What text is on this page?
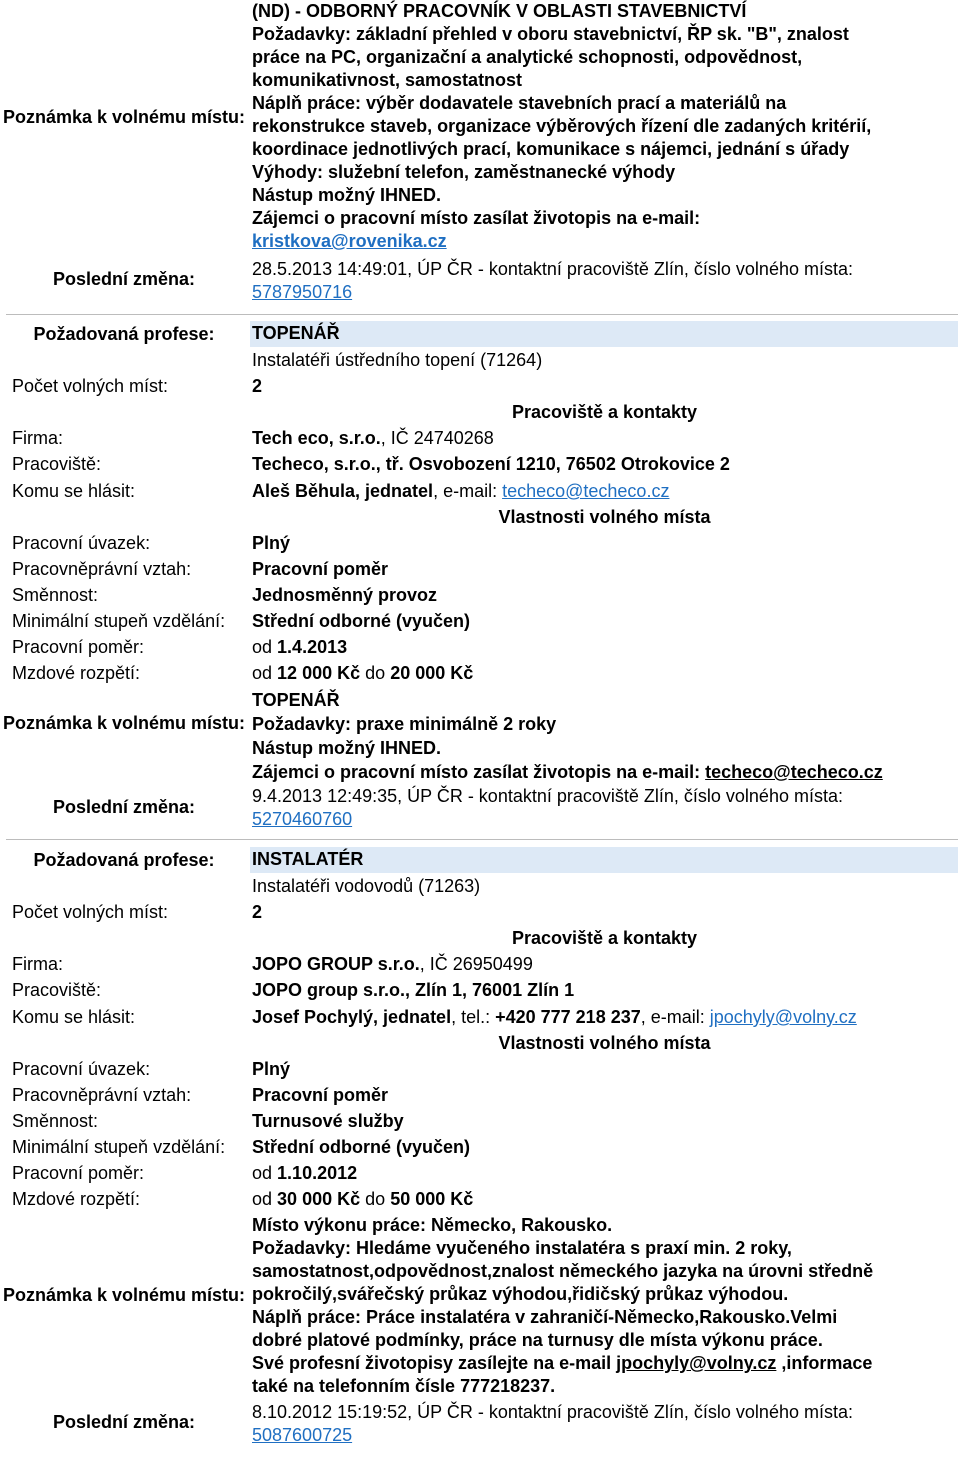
Poznámka k volnému místu:
(ND) - ODBORNÝ PRACOVNÍK V OBLASTI STAVEBNICTVÍ
Požadavky: základní přehled v oboru stavebnictví, ŘP sk. "B", znalost
práce na PC, organizační a analytické schopnosti, odpovědnost,
komunikativnost, samostatnost
Náplň práce: výběr dodavatele stavebních prací a materiálů na
rekonstrukce staveb, organizace výběrových řízení dle zadaných kritérií,
koordinace jednotlivých prací, komunikace s nájemci, jednání s úřady
Výhody: služební telefon, zaměstnanecké výhody
Nástup možný IHNED.
Zájemci o pracovní místo zasílat životopis na e-mail:
kristkova@rovenika.cz
Poslední změna:	28.5.2013 14:49:01, ÚP ČR - kontaktní pracoviště Zlín, číslo volného místa:
5787950716
Požadovaná profese:	TOPENÁŘ
Instalatéři ústředního topení (71264)
Počet volných míst:	2
Pracoviště a kontakty
Firma:	Tech eco, s.r.o., IČ 24740268
Pracoviště:	Techeco, s.r.o., tř. Osvobození 1210, 76502 Otrokovice 2
Komu se hlásit:	Aleš Běhula, jednatel, e-mail: techeco@techeco.cz
Vlastnosti volného místa
Pracovní úvazek:	Plný
Pracovněprávní vztah:	Pracovní poměr
Směnnost:	Jednosměnný provoz
Minimální stupeň vzdělání: Střední odborné (vyučen)
Pracovní poměr:	od 1.4.2013
Mzdové rozpětí:	od 12 000 Kč do 20 000 Kč
Poznámka k volnému místu:
TOPENÁŘ
Požadavky: praxe minimálně 2 roky
Nástup možný IHNED.
Zájemci o pracovní místo zasílat životopis na e-mail: techeco@techeco.cz
Poslední změna:
9.4.2013 12:49:35, ÚP ČR - kontaktní pracoviště Zlín, číslo volného místa:
5270460760
Požadovaná profese:	INSTALATÉR
Instalatéři vodovodů (71263)
Počet volných míst:	2
Pracoviště a kontakty
Firma:	JOPO GROUP s.r.o., IČ 26950499
Pracoviště:	JOPO group s.r.o., Zlín 1, 76001 Zlín 1
Komu se hlásit:	Josef Pochylý, jednatel, tel.: +420 777 218 237, e-mail: jpochyly@volny.cz
Vlastnosti volného místa
Pracovní úvazek:	Plný
Pracovněprávní vztah:	Pracovní poměr
Směnnost:	Turnusové služby
Minimální stupeň vzdělání: Střední odborné (vyučen)
Pracovní poměr:	od 1.10.2012
Mzdové rozpětí:	od 30 000 Kč do 50 000 Kč
Poznámka k volnému místu:
Místo výkonu práce: Německo, Rakousko.
Požadavky: Hledáme vyučeného instalatéra s praxí min. 2 roky,
samostatnost,odpovědnost,znalost německého jazyka na úrovni středně
pokročilý,svářečský průkaz výhodou,řidičský průkaz výhodou.
Náplň práce: Práce instalatéra v zahraničí-Německo,Rakousko.Velmi
dobré platové podmínky, práce na turnusy dle místa výkonu práce.
Své profesní životopisy zasílejte na e-mail jpochyly@volny.cz ,informace
také na telefonním čísle 777218237.
Poslední změna:	8.10.2012 15:19:52, ÚP ČR - kontaktní pracoviště Zlín, číslo volného místa:
5087600725
